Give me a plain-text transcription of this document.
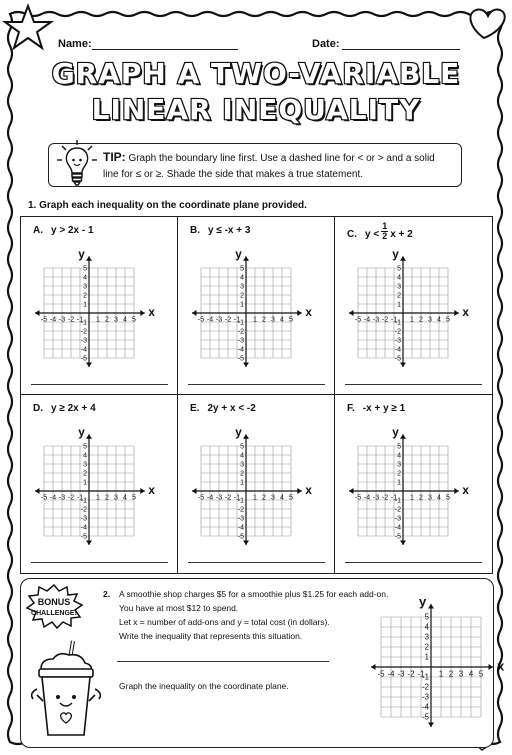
Name:	Date:
GRAPH A TWO-VARIABLE
LINEAR INEQUALITY
TIP: Graph the boundary line first. Use a dashed line for < or > and a solid line for ≤ or ≥. Shade the side that makes a true statement.
1. Graph each inequality on the coordinate plane provided.
A. y > 2x - 1
-5
-5
-4
-4
-3
-3
-2
-2
-1
-1 1
1
2
2
3
3
4
4
5
5
x
y
B. y ≤ -x + 3
-5
-5
-4
-4
-3
-3
-2
-2
-1
-1 1
1
2
2
3
3
4
4
5
5
x
y
C. $y < \frac{1}{2}$ x + 2
-5
-5
-4
-4
-3
-3
-2
-2
-1
-1 1
1
2
2
3
3
4
4
5
5
x
y
D. y ≥ 2x + 4
-5
-5
-4
-4
-3
-3
-2
-2
-1
-1 1
1
2
2
3
3
4
4
5
5
x
y
E. 2y + x < -2
-5
-5
-4
-4
-3
-3
-2
-2
-1
-1 1
1
2
2
3
3
4
4
5
5
x
y
F. -x + y ≥ 1
-5
-5
-4
-4
-3
-3
-2
-2
-1
-1 1
1
2
2
3
3
4
4
5
5
x
y
BONUS
CHALLENGE!
2. A smoothie shop charges $5 for a smoothie plus $1.25 for each add-on.
You have at most $12 to spend.
Let x = number of add-ons and y = total cost (in dollars).
Write the inequality that represents this situation.
Graph the inequality on the coordinate plane.
-5
-5
-4
-4
-3
-3
-2
-2
-1
-1 1
1
2
2
3
3
4
4
5
5
x
y
